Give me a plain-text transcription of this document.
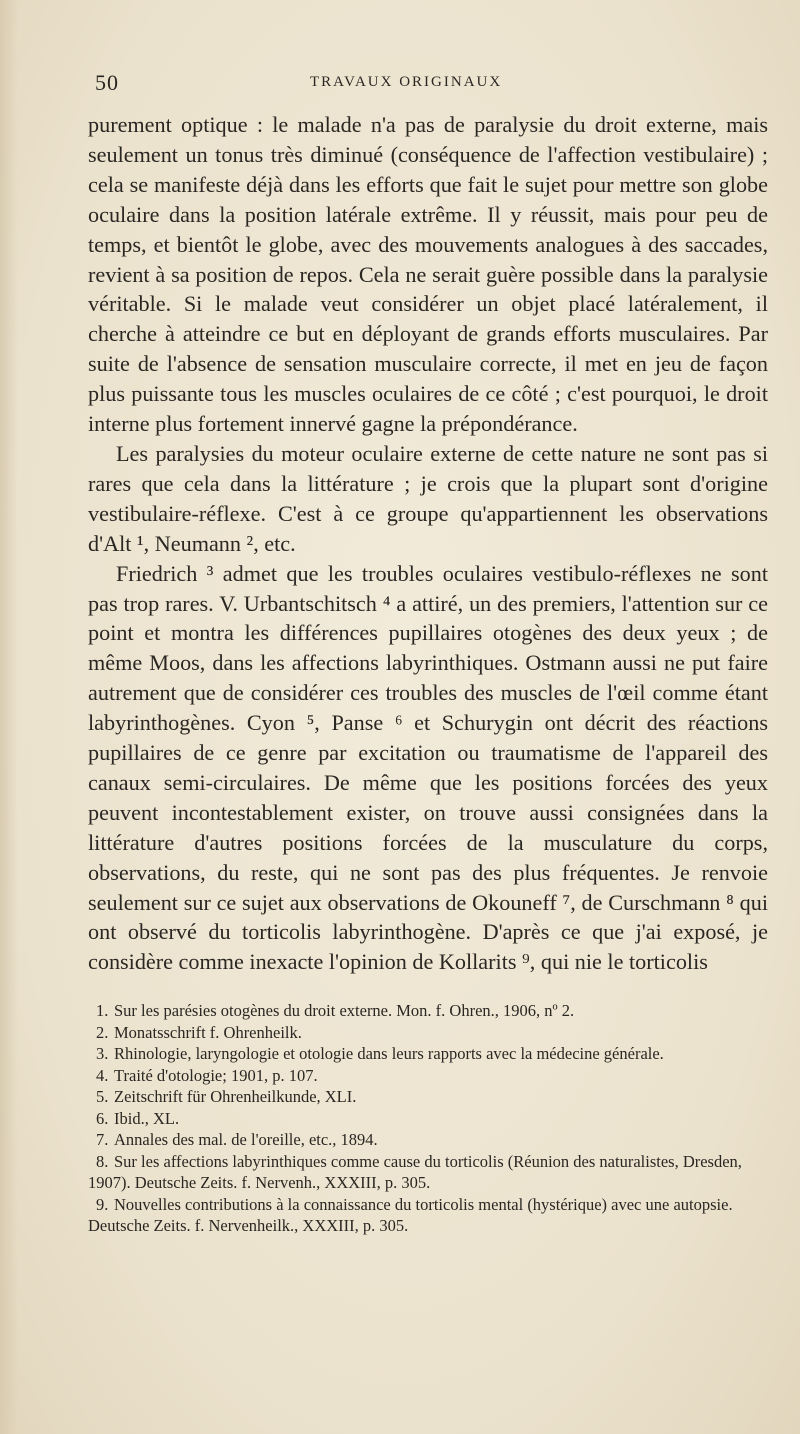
50	TRAVAUX ORIGINAUX

purement optique : le malade n'a pas de paralysie du droit externe, mais seulement un tonus très diminué (conséquence de l'affection vestibulaire) ; cela se manifeste déjà dans les efforts que fait le sujet pour mettre son globe oculaire dans la position latérale extrême. Il y réussit, mais pour peu de temps, et bientôt le globe, avec des mouvements analogues à des saccades, revient à sa position de repos. Cela ne serait guère possible dans la paralysie véritable. Si le malade veut considérer un objet placé latéralement, il cherche à atteindre ce but en déployant de grands efforts musculaires. Par suite de l'absence de sensation musculaire correcte, il met en jeu de façon plus puissante tous les muscles oculaires de ce côté ; c'est pourquoi, le droit interne plus fortement innervé gagne la prépondérance.

Les paralysies du moteur oculaire externe de cette nature ne sont pas si rares que cela dans la littérature ; je crois que la plupart sont d'origine vestibulaire-réflexe. C'est à ce groupe qu'appartiennent les observations d'Alt ¹, Neumann ², etc.

Friedrich ³ admet que les troubles oculaires vestibulo-réflexes ne sont pas trop rares. V. Urbantschitsch ⁴ a attiré, un des premiers, l'attention sur ce point et montra les différences pupillaires otogènes des deux yeux ; de même Moos, dans les affections labyrinthiques. Ostmann aussi ne put faire autrement que de considérer ces troubles des muscles de l'œil comme étant labyrinthogènes. Cyon ⁵, Panse ⁶ et Schurygin ont décrit des réactions pupillaires de ce genre par excitation ou traumatisme de l'appareil des canaux semi-circulaires. De même que les positions forcées des yeux peuvent incontestablement exister, on trouve aussi consignées dans la littérature d'autres positions forcées de la musculature du corps, observations, du reste, qui ne sont pas des plus fréquentes. Je renvoie seulement sur ce sujet aux observations de Okouneff ⁷, de Curschmann ⁸ qui ont observé du torticolis labyrinthogène. D'après ce que j'ai exposé, je considère comme inexacte l'opinion de Kollarits ⁹, qui nie le torticolis

1. Sur les parésies otogènes du droit externe. Mon. f. Ohren., 1906, nº 2.
2. Monatsschrift f. Ohrenheilk.
3. Rhinologie, laryngologie et otologie dans leurs rapports avec la médecine générale.
4. Traité d'otologie; 1901, p. 107.
5. Zeitschrift für Ohrenheilkunde, XLI.
6. Ibid., XL.
7. Annales des mal. de l'oreille, etc., 1894.
8. Sur les affections labyrinthiques comme cause du torticolis (Réunion des naturalistes, Dresden, 1907). Deutsche Zeits. f. Nervenh., XXXIII, p. 305.
9. Nouvelles contributions à la connaissance du torticolis mental (hystérique) avec une autopsie. Deutsche Zeits. f. Nervenheilk., XXXIII, p. 305.
